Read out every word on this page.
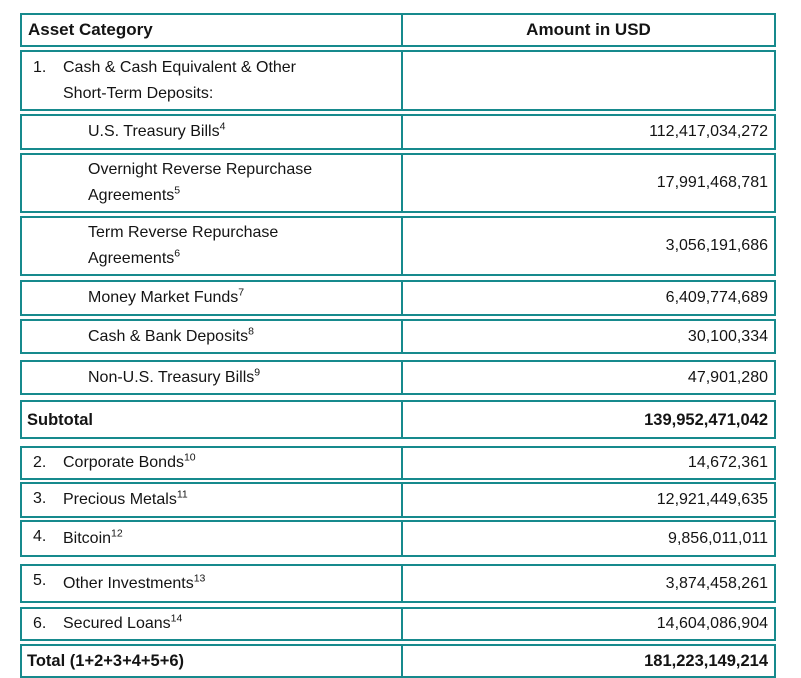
Asset Category	Amount in USD
1.	Cash & Cash Equivalent & Other Short-Term Deposits:
U.S. Treasury Bills$^4$	112,417,034,272
Overnight Reverse Repurchase Agreements$^5$	17,991,468,781
Term Reverse Repurchase Agreements$^6$	3,056,191,686
Money Market Funds$^7$	6,409,774,689
Cash & Bank Deposits$^8$	30,100,334
Non-U.S. Treasury Bills$^9$	47,901,280
Subtotal	139,952,471,042
2.	Corporate Bonds$^{10}$	14,672,361
3.	Precious Metals$^{11}$	12,921,449,635
4.	Bitcoin$^{12}$	9,856,011,011
5.	Other Investments$^{13}$	3,874,458,261
6.	Secured Loans$^{14}$	14,604,086,904
Total (1+2+3+4+5+6)	181,223,149,214
